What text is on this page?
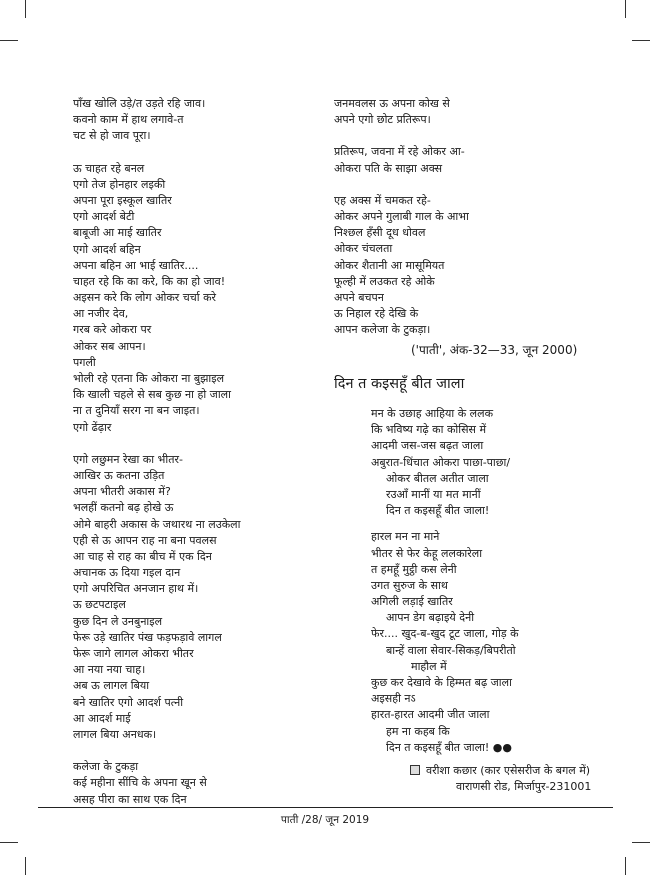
पाँख खोलि उड़े/त उड़ते रहि जाव।
कवनो काम में हाथ लगावे-त
चट से हो जाव पूरा।
ऊ चाहत रहे बनल
एगो तेज होनहार लइकी
अपना पूरा इस्कूल खातिर
एगो आदर्श बेटी
बाबूजी आ माई खातिर
एगो आदर्श बहिन
अपना बहिन आ भाई खातिर....
चाहत रहे कि का करे, कि का हो जाव!
अइसन करे कि लोग ओकर चर्चा करे
आ नजीर देव,
गरब करे ओकरा पर
ओकर सब आपन।
पगली
भोली रहे एतना कि ओकरा ना बुझाइल
कि खाली चहले से सब कुछ ना हो जाला
ना त दुनियाँ सरग ना बन जाइत।
एगो ढेंढ़ार
एगो लछुमन रेखा का भीतर-
आखिर ऊ कतना उड़ित
अपना भीतरी अकास में?
भलहीं कतनो बढ़ होखे ऊ
ओमे बाहरी अकास के जथारथ ना लउकेला
एही से ऊ आपन राह ना बना पवलस
आ चाह से राह का बीच में एक दिन
अचानक ऊ दिया गइल दान
एगो अपरिचित अनजान हाथ में।
ऊ छटपटाइल
कुछ दिन ले उनबुनाइल
फेरू उड़े खातिर पंख फड़फड़ावे लागल
फेरू जागे लागल ओकरा भीतर
आ नया नया चाह।
अब ऊ लागल बिया
बने खातिर एगो आदर्श पत्नी
आ आदर्श माई
लागल बिया अनधक।
कलेजा के टुकड़ा
कई महीना सींचि के अपना खून से
असह पीरा का साथ एक दिन
जनमवलस ऊ अपना कोख से
अपने एगो छोट प्रतिरूप।
प्रतिरूप, जवना में रहे ओकर आ-
ओकरा पति के साझा अक्स
एह अक्स में चमकत रहे-
ओकर अपने गुलाबी गाल के आभा
निश्छल हँसी दूध धोवल
ओकर चंचलता
ओकर शैतानी आ मासूमियत
फूल्ही में लउकत रहे ओके
अपने बचपन
ऊ निहाल रहे देखि के
आपन कलेजा के टुकड़ा।
('पाती', अंक-32—33, जून 2000)
दिन त कइसहूँ बीत जाला
मन के उछाह आहिया के ललक
कि भविष्य गढ़े का कोसिस में
आदमी जस-जस बढ़त जाला
अबुरात-धिंचात ओकरा पाछा-पाछा/
ओकर बीतल अतीत जाला
रउआँ मानीं या मत मानीं
दिन त कइसहूँ बीत जाला!
हारल मन ना माने
भीतर से फेर केहू ललकारेला
त हमहूँ मुट्ठी कस लेनी
उगत सुरुज के साथ
अगिली लड़ाई खातिर
आपन डेग बढ़ाइये देनी
फेर.... खुद-ब-खुद टूट जाला, गोड़ के
बान्हें वाला सेवार-सिकड़/बिपरीतो
माहौल में
कुछ कर देखावे के हिम्मत बढ़ जाला
अइसही नऽ
हारत-हारत आदमी जीत जाला
हम ना कहब कि
दिन त कइसहूँ बीत जाला! ●●
वरीशा कछार (कार एसेसरीज के बगल में)
वाराणसी रोड, मिर्जापुर-231001
पाती /28/ जून 2019
